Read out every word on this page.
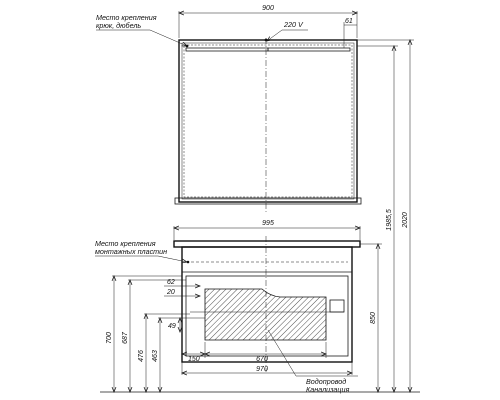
900
61
Место крепления
крюк, дюбель	220 V
995
Место крепления
монтажных пластин
62
20
49
150	670
970
Водопровод
Канализация
700 687
476 463
850
1985,5 2020
